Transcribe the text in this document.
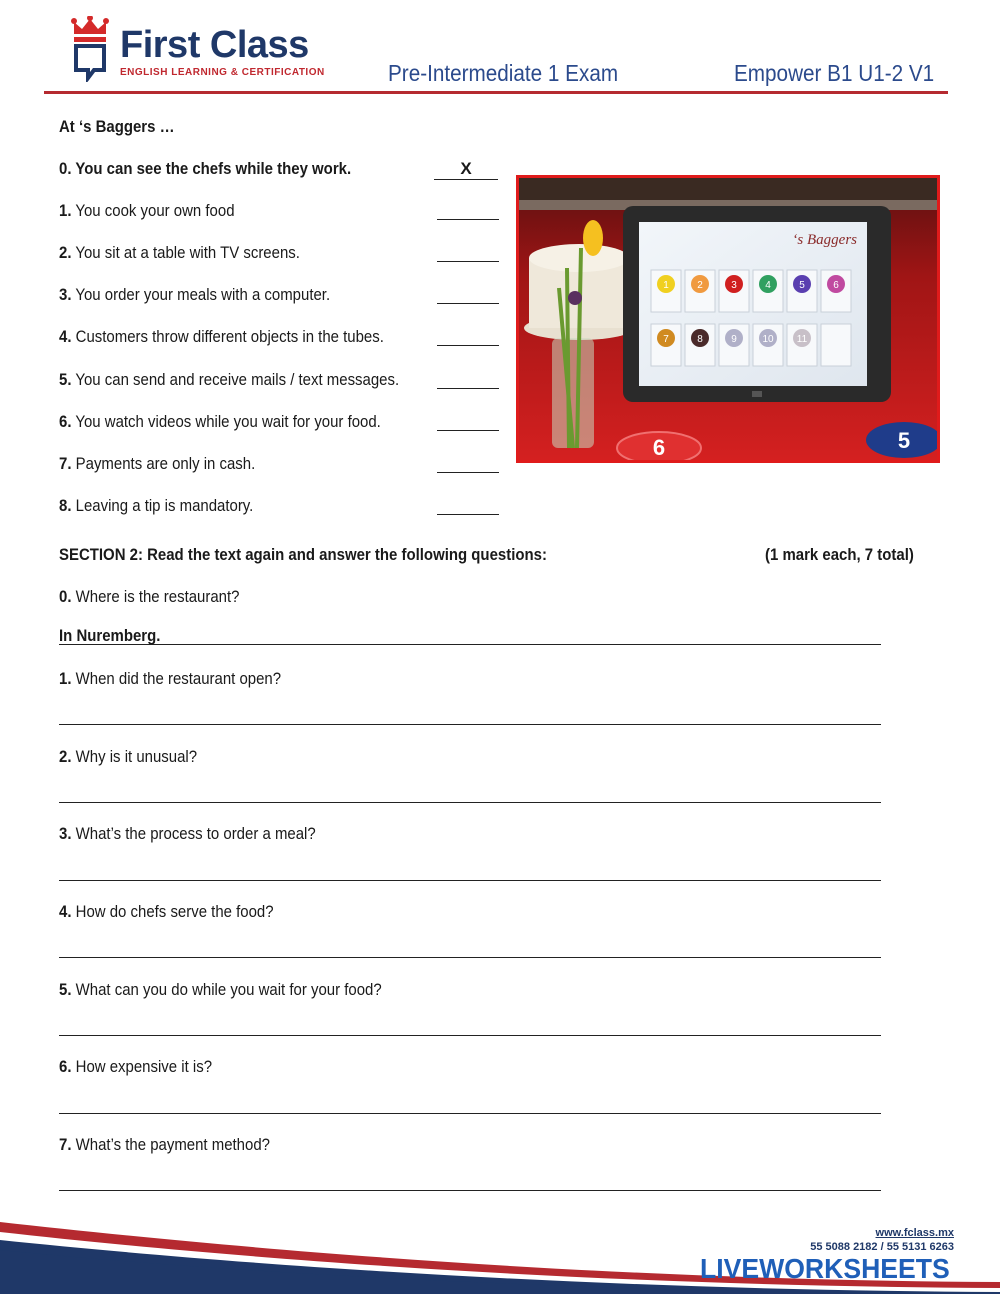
First Class
ENGLISH LEARNING & CERTIFICATION	Pre-Intermediate 1 Exam	Empower B1 U1-2 V1
At ‘s Baggers …
0. You can see the chefs while they work.	X
1. You cook your own food
2. You sit at a table with TV screens.
3. You order your meals with a computer.
4. Customers throw different objects in the tubes.
5. You can send and receive mails / text messages.
6. You watch videos while you wait for your food.
7. Payments are only in cash.
8. Leaving a tip is mandatory.
6	5
‘s Baggers
1	2	3	4	5	6
7	8	9	10 11
SECTION 2: Read the text again and answer the following questions:	(1 mark each, 7 total)
0. Where is the restaurant?
In Nuremberg.
1. When did the restaurant open?
2. Why is it unusual?
3. What’s the process to order a meal?
4. How do chefs serve the food?
5. What can you do while you wait for your food?
6. How expensive it is?
7. What’s the payment method?
www.fclass.mx
55 5088 2182 / 55 5131 6263
LIVEWORKSHEETS
